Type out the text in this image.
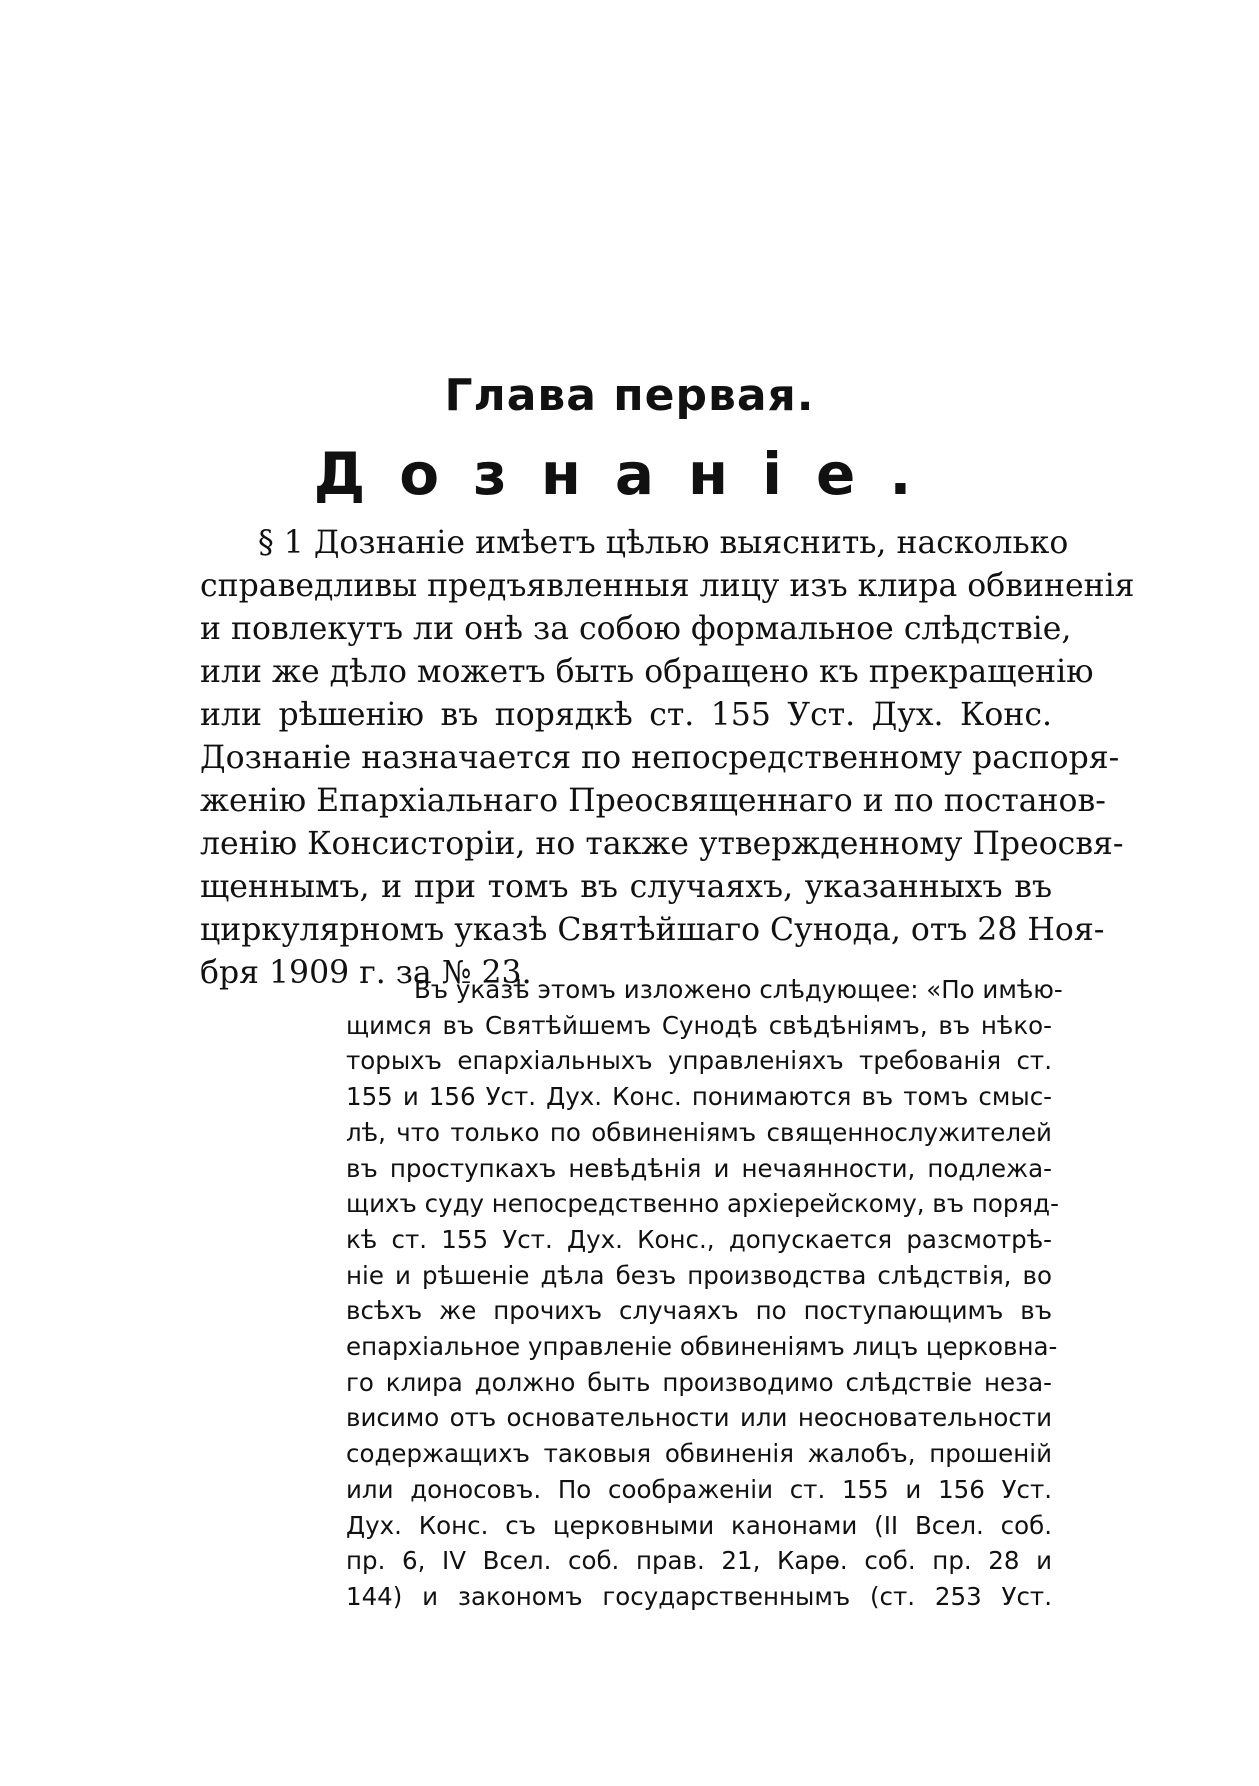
Глава первая.
Дознаніе.

§ 1 Дознаніе имѣетъ цѣлью выяснить, насколько
справедливы предъявленныя лицу изъ клира обвиненія
и повлекутъ ли онѣ за собою формальное слѣдствіе,
или же дѣло можетъ быть обращено къ прекращенію
или рѣшенію въ порядкѣ ст. 155 Уст. Дух. Конс.
Дознаніе назначается по непосредственному распоря-
женію Епархіальнаго Преосвященнаго и по постанов-
ленію Консисторіи, но также утвержденному Преосвя-
щеннымъ, и при томъ въ случаяхъ, указанныхъ въ
циркулярномъ указѣ Святѣйшаго Сунода, отъ 28 Ноя-
бря 1909 г. за № 23.

Въ указѣ этомъ изложено слѣдующее: «По имѣю-
щимся въ Святѣйшемъ Сунодѣ свѣдѣніямъ, въ нѣко-
торыхъ епархіальныхъ управленіяхъ требованія ст.
155 и 156 Уст. Дух. Конс. понимаются въ томъ смыс-
лѣ, что только по обвиненіямъ священнослужителей
въ проступкахъ невѣдѣнія и нечаянности, подлежа-
щихъ суду непосредственно архіерейскому, въ поряд-
кѣ ст. 155 Уст. Дух. Конс., допускается разсмотрѣ-
ніе и рѣшеніе дѣла безъ производства слѣдствія, во
всѣхъ же прочихъ случаяхъ по поступающимъ въ
епархіальное управленіе обвиненіямъ лицъ церковна-
го клира должно быть производимо слѣдствіе неза-
висимо отъ основательности или неосновательности
содержащихъ таковыя обвиненія жалобъ, прошеній
или доносовъ. По соображеніи ст. 155 и 156 Уст.
Дух. Конс. съ церковными канонами (II Всел. соб.
пр. 6, IV Всел. соб. прав. 21, Карѳ. соб. пр. 28 и
144) и закономъ государственнымъ (ст. 253 Уст.
